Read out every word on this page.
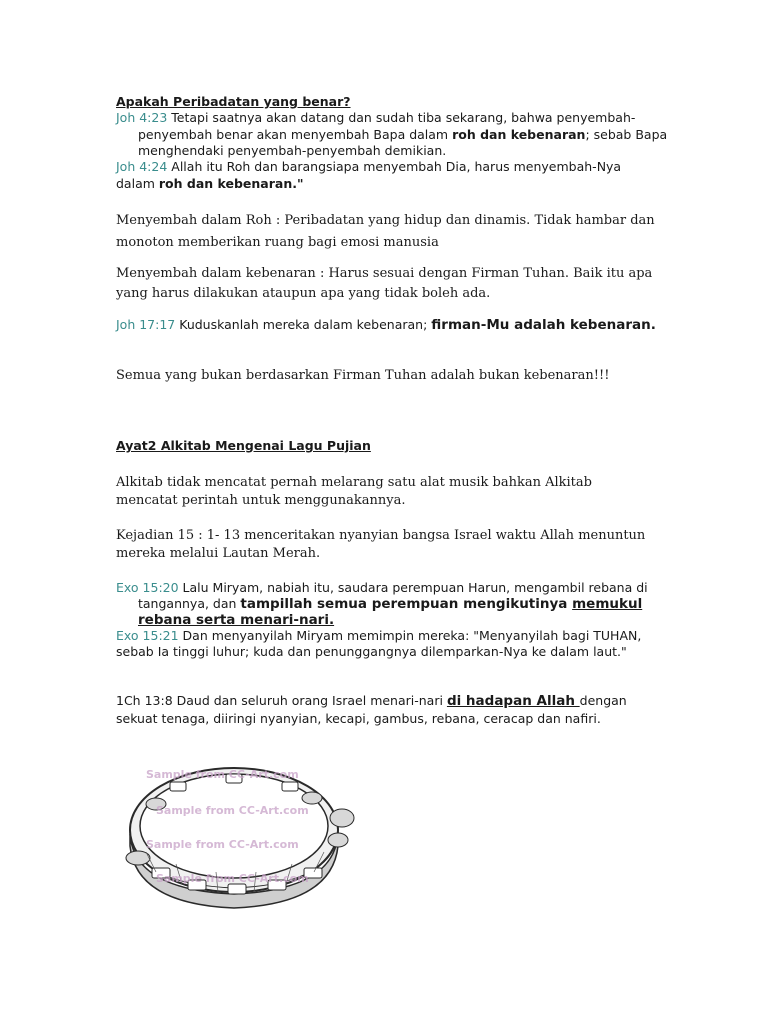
Apakah Peribadatan yang benar?

Joh 4:23 Tetapi saatnya akan datang dan sudah tiba sekarang, bahwa penyembah-penyembah benar akan menyembah Bapa dalam roh dan kebenaran; sebab Bapa menghendaki penyembah-penyembah demikian.

Joh 4:24 Allah itu Roh dan barangsiapa menyembah Dia, harus menyembah-Nya dalam roh dan kebenaran."

Menyembah dalam Roh : Peribadatan yang hidup dan dinamis. Tidak hambar dan monoton memberikan ruang bagi emosi manusia

Menyembah dalam kebenaran : Harus sesuai dengan Firman Tuhan. Baik itu apa yang harus dilakukan ataupun apa yang tidak boleh ada.

Joh 17:17 Kuduskanlah mereka dalam kebenaran; firman-Mu adalah kebenaran.

Semua yang bukan berdasarkan Firman Tuhan adalah bukan kebenaran!!!

Ayat2 Alkitab Mengenai Lagu Pujian

Alkitab tidak mencatat pernah melarang satu alat musik bahkan Alkitab mencatat perintah untuk menggunakannya.

Kejadian 15 : 1- 13 menceritakan nyanyian bangsa Israel waktu Allah menuntun mereka melalui Lautan Merah.

Exo 15:20 Lalu Miryam, nabiah itu, saudara perempuan Harun, mengambil rebana di tangannya, dan tampillah semua perempuan mengikutinya memukul rebana serta menari-nari.

Exo 15:21 Dan menyanyilah Miryam memimpin mereka: "Menyanyilah bagi TUHAN, sebab Ia tinggi luhur; kuda dan penunggangnya dilemparkan-Nya ke dalam laut."

1Ch 13:8 Daud dan seluruh orang Israel menari-nari di hadapan Allah dengan sekuat tenaga, diiringi nyanyian, kecapi, gambus, rebana, ceracap dan nafiri.

Sample from CC-Art.com
Sample from CC-Art.com
Sample from CC-Art.com
Sample from CC-Art.com
